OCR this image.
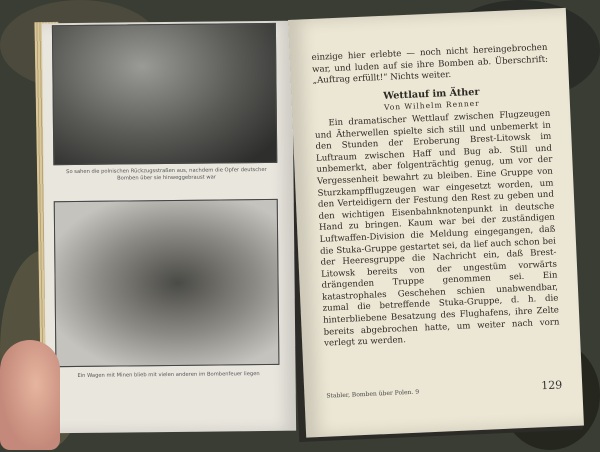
So sahen die polnischen Rückzugsstraßen aus, nachdem die Opfer deutscher Bomben über sie hinweggebraust war
Ein Wagen mit Minen blieb mit vielen anderen im Bombenfeuer liegen

einzige hier erlebte — noch nicht hereingebrochen war, und luden auf sie ihre Bomben ab. Überschrift: „Auftrag erfüllt!“ Nichts weiter.

Wettlauf im Äther

Von Wilhelm Renner

Ein dramatischer Wettlauf zwischen Flugzeugen und Ätherwellen spielte sich still und unbemerkt in den Stunden der Eroberung Brest-Litowsk im Luftraum zwischen Haff und Bug ab. Still und unbemerkt, aber folgenträchtig genug, um vor der Vergessenheit bewahrt zu bleiben. Eine Gruppe von Sturzkampfflugzeugen war eingesetzt worden, um den Verteidigern der Festung den Rest zu geben und den wichtigen Eisenbahnknotenpunkt in deutsche Hand zu bringen. Kaum war bei der zuständigen Luftwaffen-Division die Meldung eingegangen, daß die Stuka-Gruppe gestartet sei, da lief auch schon bei der Heeresgruppe die Nachricht ein, daß Brest-Litowsk bereits von der ungestüm vorwärts drängenden Truppe genommen sei. Ein katastrophales Geschehen schien unabwendbar, zumal die betreffende Stuka-Gruppe, d. h. die hinterbliebene Besatzung des Flughafens, ihre Zelte bereits abgebrochen hatte, um weiter nach vorn verlegt zu werden.

Stabler, Bomben über Polen. 9
129
